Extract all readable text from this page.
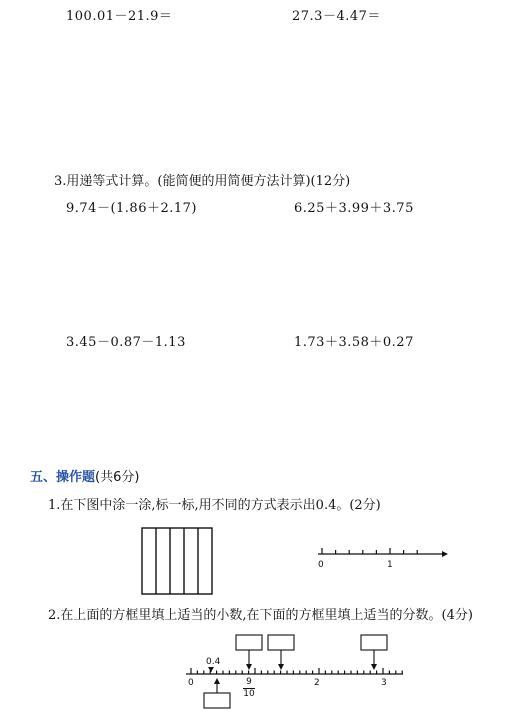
100.01－21.9＝	27.3－4.47＝
3.用递等式计算。(能简便的用简便方法计算)(12分)
9.74－(1.86＋2.17)	6.25＋3.99＋3.75
3.45－0.87－1.13	1.73＋3.58＋0.27
五、操作题(共6分)
1.在下图中涂一涂,标一标,用不同的方式表示出0.4。(2分)
2.在上面的方框里填上适当的小数,在下面的方框里填上适当的分数。(4分)
0	1
0.4
0	2	3
9
10
